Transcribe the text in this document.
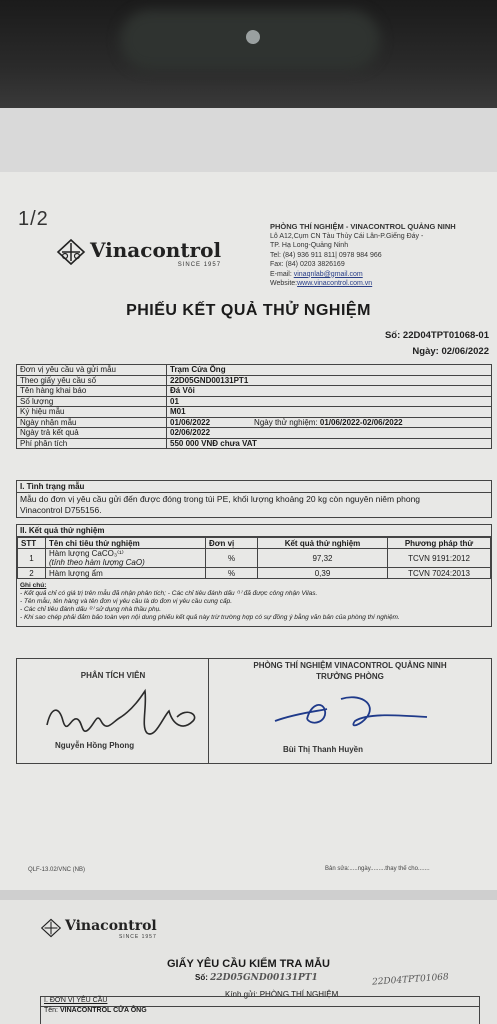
1/2
Vinacontrol
SINCE 1957
PHÒNG THÍ NGHIỆM - VINACONTROL QUẢNG NINH
Lô A12,Cụm CN Tàu Thủy Cái Lân-P.Giếng Đáy -
TP. Hạ Long-Quảng Ninh
Tel: (84) 936 911 811| 0978 984 966
Fax: (84) 0203 3826169
E-mail: vinaqnlab@gmail.com
Website:www.vinacontrol.com.vn
PHIẾU KẾT QUẢ THỬ NGHIỆM
Số: 22D04TPT01068-01
Ngày: 02/06/2022
Đơn vị yêu cầu và gửi mẫu	Trạm Cửa Ông
Theo giấy yêu cầu số	22D05GND00131PT1
Tên hàng khai báo	Đá Vôi
Số lượng	01
Ký hiệu mẫu	M01
Ngày nhận mẫu	01/06/2022 Ngày thử nghiệm: 01/06/2022-02/06/2022
Ngày trả kết quả	02/06/2022
Phí phân tích	550 000 VNĐ chưa VAT
I. Tình trạng mẫu
Mẫu do đơn vị yêu cầu gửi đến được đóng trong túi PE, khối lượng khoảng 20 kg còn nguyên niêm phong
Vinacontrol D755156.
II. Kết quả thử nghiệm
STT	Tên chỉ tiêu thử nghiệm	Đơn vị	Kết quả thử nghiệm	Phương pháp thử
1	Hàm lượng CaCO₃⁽¹⁾
(tính theo hàm lượng CaO)	%	97,32	TCVN 9191:2012
2	Hàm lượng ẩm	%	0,39	TCVN 7024:2013
Ghi chú:
- Kết quả chỉ có giá trị trên mẫu đã nhận phân tích; - Các chỉ tiêu đánh dấu ⁽¹⁾ đã được công nhận Vilas.
- Tên mẫu, tên hàng và tên đơn vị yêu cầu là do đơn vị yêu cầu cung cấp.
- Các chỉ tiêu đánh dấu ⁽²⁾ sử dụng nhà thầu phụ.
- Khi sao chép phải đảm bảo toàn vẹn nội dung phiếu kết quả này trừ trường hợp có sự đồng ý bằng văn bản của phòng thí nghiệm.
PHÂN TÍCH VIÊN
Nguyễn Hồng Phong
PHÒNG THÍ NGHIỆM VINACONTROL QUẢNG NINH
TRƯỞNG PHÒNG
Bùi Thị Thanh Huyền
QLF-13.02/VNC (NB)	Bản sửa:.....ngày.........thay thế cho.......
Vinacontrol
SINCE 1957
GIẤY YÊU CẦU KIỂM TRA MẪU
Số: 22D05GND00131PT1	22D04TPT01068
Kính gửi: PHÒNG THÍ NGHIỆM
I. ĐƠN VỊ YÊU CẦU
Tên: VINACONTROL CỬA ÔNG
